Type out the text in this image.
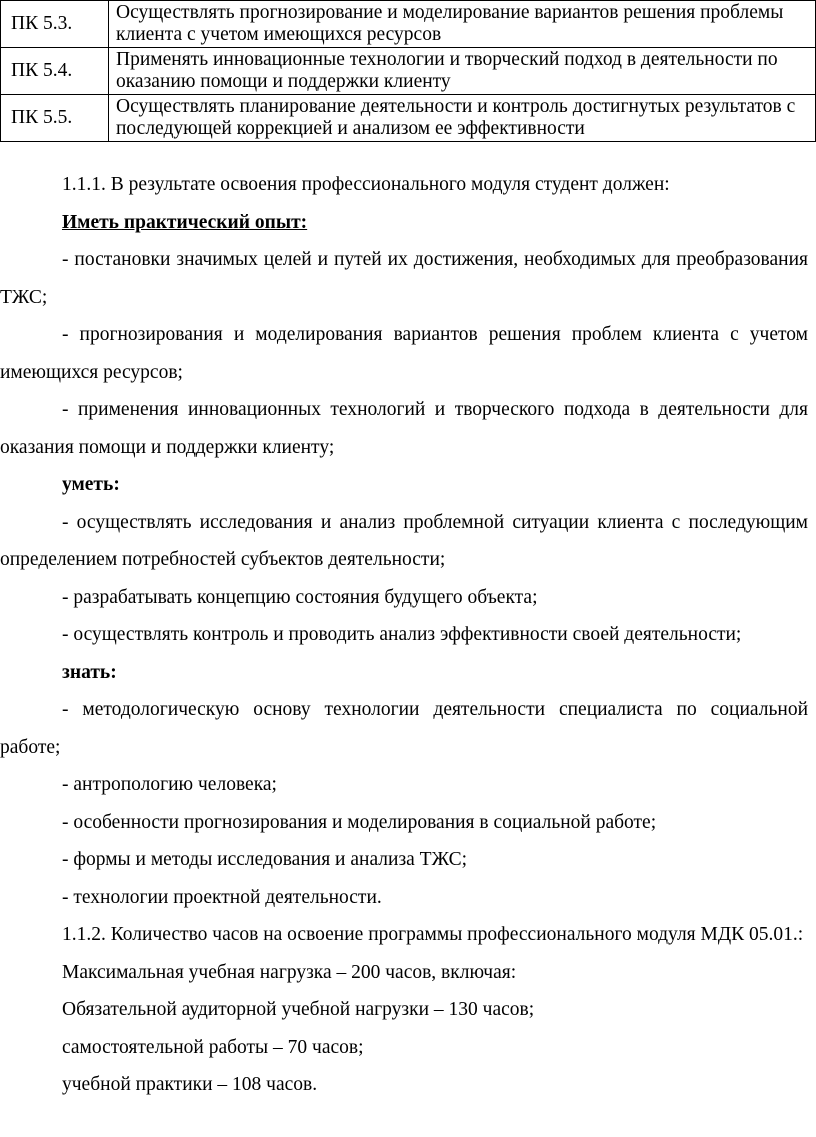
ПК 5.3.	Осуществлять прогнозирование и моделирование вариантов решения проблемы клиента с учетом имеющихся ресурсов
ПК 5.4.	Применять инновационные технологии и творческий подход в деятельности по оказанию помощи и поддержки клиенту
ПК 5.5.	Осуществлять планирование деятельности и контроль достигнутых результатов с последующей коррекцией и анализом ее эффективности

1.1.1. В результате освоения профессионального модуля студент должен:

Иметь практический опыт:

- постановки значимых целей и путей их достижения, необходимых для преобразования ТЖС;

- прогнозирования и моделирования вариантов решения проблем клиента с учетом имеющихся ресурсов;

- применения инновационных технологий и творческого подхода в деятельности для оказания помощи и поддержки клиенту;

уметь:

- осуществлять исследования и анализ проблемной ситуации клиента с последующим определением потребностей субъектов деятельности;

- разрабатывать концепцию состояния будущего объекта;

- осуществлять контроль и проводить анализ эффективности своей деятельности;

знать:

- методологическую основу технологии деятельности специалиста по социальной работе;

- антропологию человека;

- особенности прогнозирования и моделирования в социальной работе;

- формы и методы исследования и анализа ТЖС;

- технологии проектной деятельности.

1.1.2. Количество часов на освоение программы профессионального модуля МДК 05.01.:

Максимальная учебная нагрузка – 200 часов, включая:

Обязательной аудиторной учебной нагрузки – 130 часов;

самостоятельной работы – 70 часов;

учебной практики – 108 часов.
